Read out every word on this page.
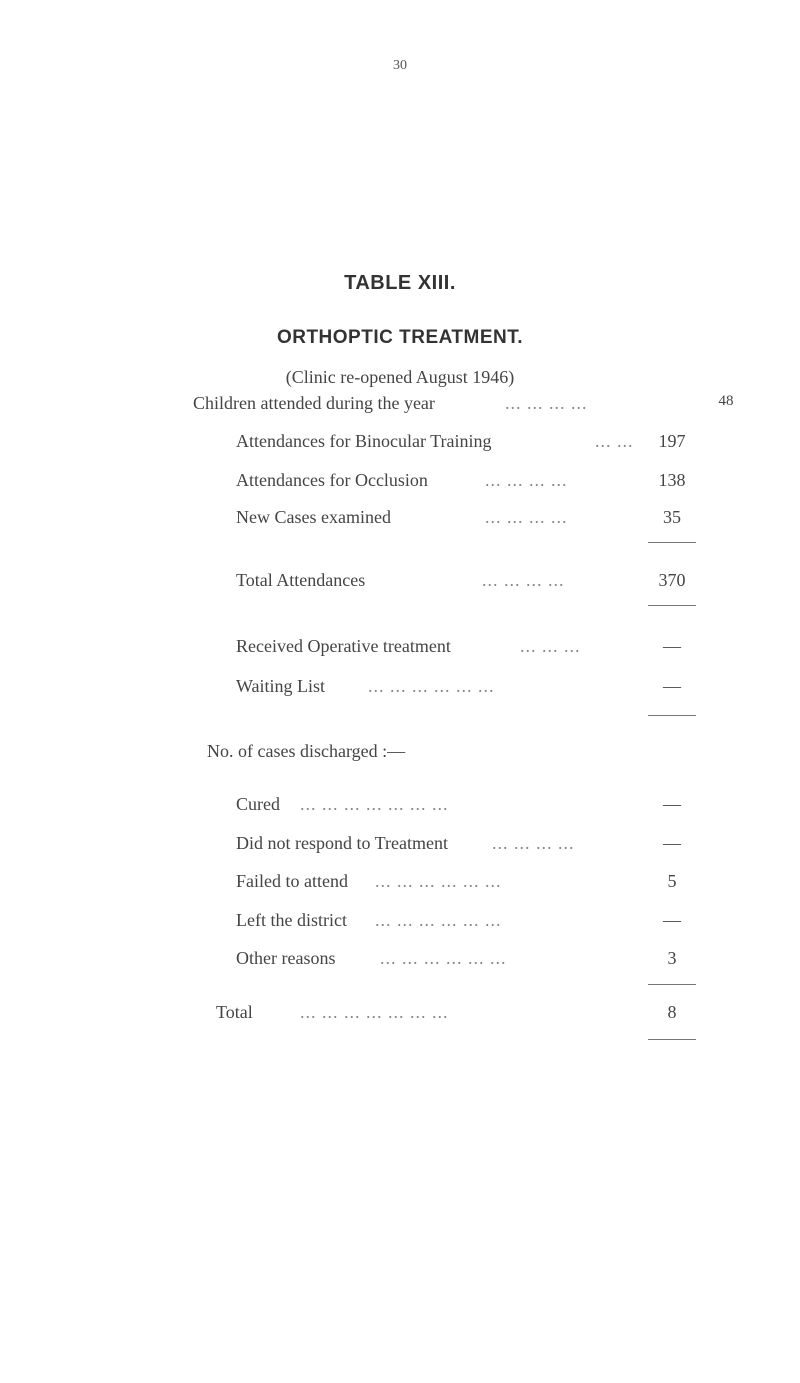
30
TABLE XIII.
ORTHOPTIC TREATMENT.
(Clinic re-opened August 1946)
Children attended during the year	... ... ... ...	48
Attendances for Binocular Training	... ...	197
Attendances for Occlusion	... ... ... ...	138
New Cases examined	... ... ... ...	35
Total Attendances	... ... ... ...	370
Received Operative treatment	... ... ...	—
Waiting List ... ... ... ... ... ...	—
No. of cases discharged :—
Cured ... ... ... ... ... ... ...	—
Did not respond to Treatment ... ... ... ...	—
Failed to attend ... ... ... ... ... ...	5
Left the district ... ... ... ... ... ...	—
Other reasons ... ... ... ... ... ...	3
Total	... ... ... ... ... ... ...	8
